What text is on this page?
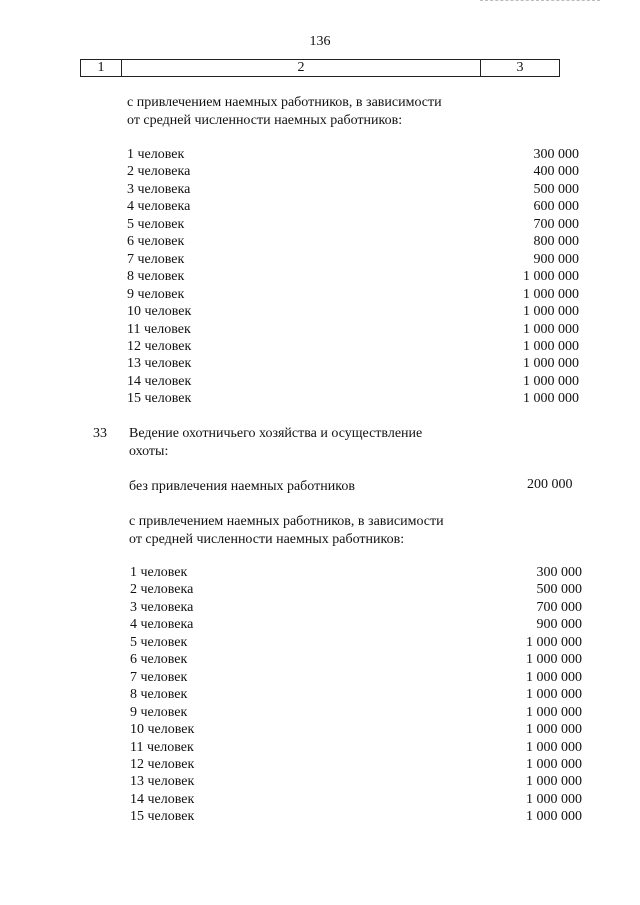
136
1	2	3
с привлечением наемных работников, в зависимости
от средней численности наемных работников:
1 человек	300 000
2 человека	400 000
3 человека	500 000
4 человека	600 000
5 человек	700 000
6 человек	800 000
7 человек	900 000
8 человек	1 000 000
9 человек	1 000 000
10 человек	1 000 000
11 человек	1 000 000
12 человек	1 000 000
13 человек	1 000 000
14 человек	1 000 000
15 человек	1 000 000
33 Ведение охотничьего хозяйства и осуществление
охоты:
без привлечения наемных работников	200 000
с привлечением наемных работников, в зависимости
от средней численности наемных работников:
1 человек	300 000
2 человека	500 000
3 человека	700 000
4 человека	900 000
5 человек	1 000 000
6 человек	1 000 000
7 человек	1 000 000
8 человек	1 000 000
9 человек	1 000 000
10 человек	1 000 000
11 человек	1 000 000
12 человек	1 000 000
13 человек	1 000 000
14 человек	1 000 000
15 человек	1 000 000
